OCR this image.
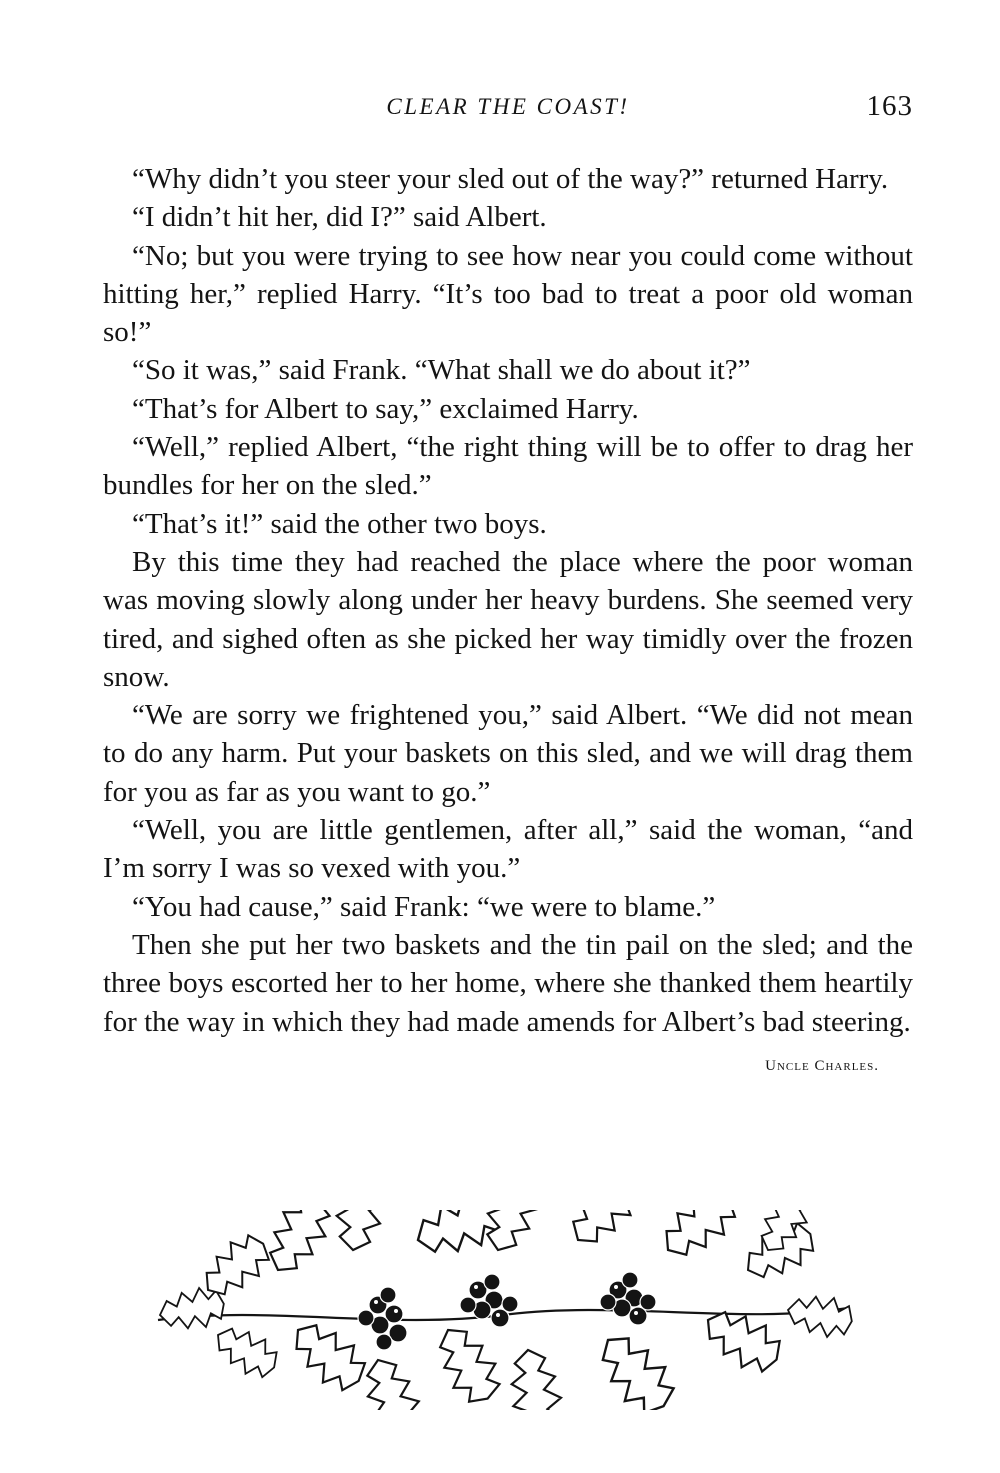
CLEAR THE COAST!	163

“Why didn’t you steer your sled out of the way?” returned Harry.

“I didn’t hit her, did I?” said Albert.

“No; but you were trying to see how near you could come without hitting her,” replied Harry. “It’s too bad to treat a poor old woman so!”

“So it was,” said Frank. “What shall we do about it?”

“That’s for Albert to say,” exclaimed Harry.

“Well,” replied Albert, “the right thing will be to offer to drag her bundles for her on the sled.”

“That’s it!” said the other two boys.

By this time they had reached the place where the poor woman was moving slowly along under her heavy burdens. She seemed very tired, and sighed often as she picked her way timidly over the frozen snow.

“We are sorry we frightened you,” said Albert. “We did not mean to do any harm. Put your baskets on this sled, and we will drag them for you as far as you want to go.”

“Well, you are little gentlemen, after all,” said the woman, “and I’m sorry I was so vexed with you.”

“You had cause,” said Frank: “we were to blame.”

Then she put her two baskets and the tin pail on the sled; and the three boys escorted her to her home, where she thanked them heartily for the way in which they had made amends for Albert’s bad steering.
Uncle Charles.
